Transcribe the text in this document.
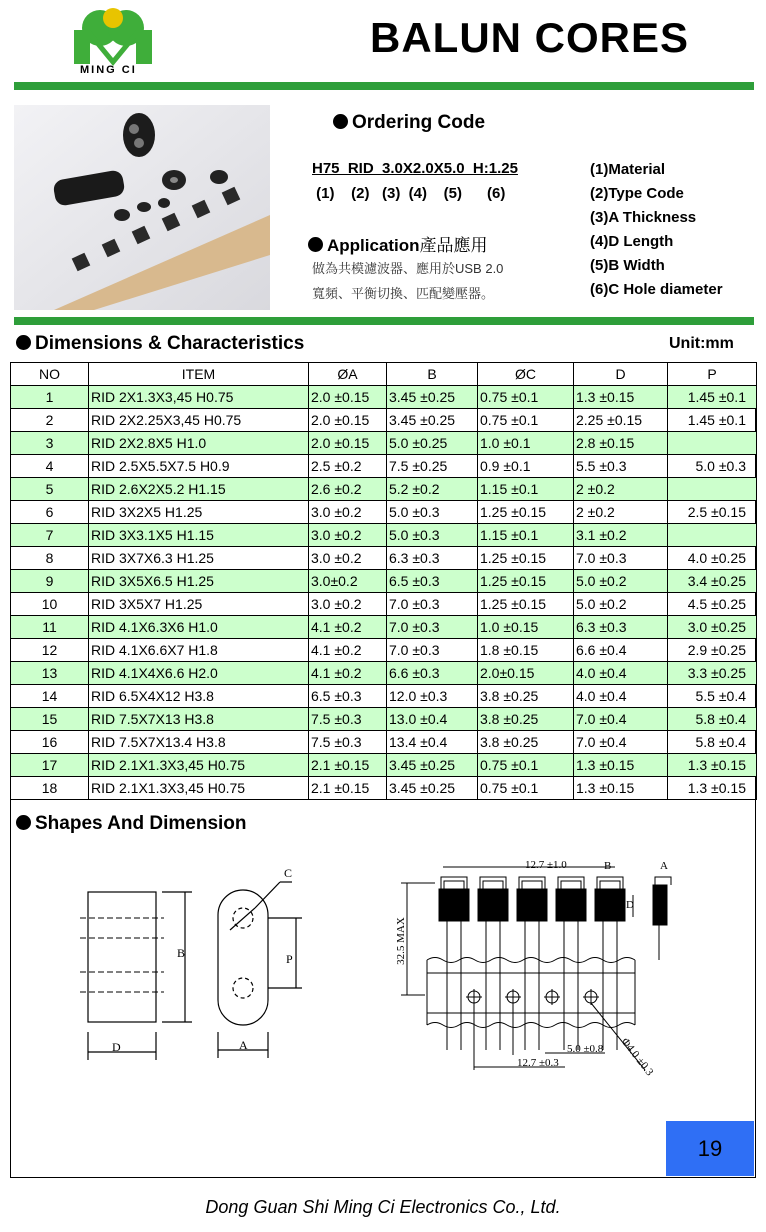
MING CI
BALUN CORES
Ordering Code
H75  RID  3.0X2.0X5.0  H:1.25
(1)    (2)   (3)  (4)    (5)      (6)
(1)Material
(2)Type Code
(3)A Thickness
(4)D Length
(5)B Width
(6)C Hole diameter
Application產品應用
做為共模濾波器、應用於USB 2.0
寬頻、平衡切換、匹配變壓器。
Dimensions & Characteristics	Unit:mm
NO	ITEM	ØA	B	ØC	D	P
1	RID 2X1.3X3,45 H0.75	2.0 ±0.15	3.45 ±0.25	0.75 ±0.1	1.3 ±0.15	1.45 ±0.1
2	RID 2X2.25X3,45 H0.75	2.0 ±0.15	3.45 ±0.25	0.75 ±0.1	2.25 ±0.15	1.45 ±0.1
3	RID 2X2.8X5 H1.0	2.0 ±0.15	5.0 ±0.25	1.0 ±0.1	2.8 ±0.15	
4	RID 2.5X5.5X7.5 H0.9	2.5 ±0.2	7.5 ±0.25	0.9 ±0.1	5.5 ±0.3	5.0 ±0.3
5	RID 2.6X2X5.2 H1.15	2.6 ±0.2	5.2 ±0.2	1.15 ±0.1	2 ±0.2	
6	RID 3X2X5 H1.25	3.0 ±0.2	5.0 ±0.3	1.25 ±0.15	2 ±0.2	2.5 ±0.15
7	RID 3X3.1X5 H1.15	3.0 ±0.2	5.0 ±0.3	1.15 ±0.1	3.1 ±0.2	
8	RID 3X7X6.3 H1.25	3.0 ±0.2	6.3 ±0.3	1.25 ±0.15	7.0 ±0.3	4.0 ±0.25
9	RID 3X5X6.5 H1.25	3.0±0.2	6.5 ±0.3	1.25 ±0.15	5.0 ±0.2	3.4 ±0.25
10	RID 3X5X7 H1.25	3.0 ±0.2	7.0 ±0.3	1.25 ±0.15	5.0 ±0.2	4.5 ±0.25
11	RID 4.1X6.3X6 H1.0	4.1 ±0.2	7.0 ±0.3	1.0 ±0.15	6.3 ±0.3	3.0 ±0.25
12	RID 4.1X6.6X7 H1.8	4.1 ±0.2	7.0 ±0.3	1.8 ±0.15	6.6 ±0.4	2.9 ±0.25
13	RID 4.1X4X6.6 H2.0	4.1 ±0.2	6.6 ±0.3	2.0±0.15	4.0 ±0.4	3.3 ±0.25
14	RID 6.5X4X12 H3.8	6.5 ±0.3	12.0 ±0.3	3.8 ±0.25	4.0 ±0.4	5.5 ±0.4
15	RID 7.5X7X13 H3.8	7.5 ±0.3	13.0 ±0.4	3.8 ±0.25	7.0 ±0.4	5.8 ±0.4
16	RID 7.5X7X13.4 H3.8	7.5 ±0.3	13.4 ±0.4	3.8 ±0.25	7.0 ±0.4	5.8 ±0.4
17	RID 2.1X1.3X3,45 H0.75	2.1 ±0.15	3.45 ±0.25	0.75 ±0.1	1.3 ±0.15	1.3 ±0.15
18	RID 2.1X1.3X3,45 H0.75	2.1 ±0.15	3.45 ±0.25	0.75 ±0.1	1.3 ±0.15	1.3 ±0.15
Shapes And Dimension
D
B
C
P
A
12.7 ±1.0	B	A
D
32.5 MAX
12.7 ±0.3
5.0 ±0.8 Φ4.0 ±0.3
19
Dong Guan Shi Ming Ci Electronics Co., Ltd.
